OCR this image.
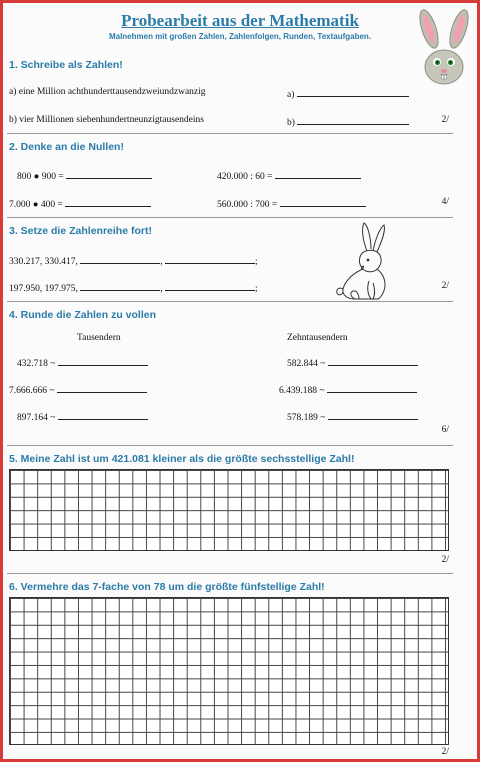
Probearbeit aus der Mathematik
Malnehmen mit großen Zahlen, Zahlenfolgen, Runden, Textaufgaben.
1. Schreibe als Zahlen!
a) eine Million achthunderttausendzweiundzwanzig	a)
b) vier Millionen siebenhundertneunzigtausendeins	b)	2/
2. Denke an die Nullen!
800 ● 900 =	420.000 : 60 =
7.000 ● 400 =	560.000 : 700 =	4/
3. Setze die Zahlenreihe fort!
330.217, 330.417,	,	;
197.950, 197.975,	,	;	2/
4. Runde die Zahlen zu vollen
Tausendern	Zehntausendern
432.718 ~	582.844 ~
7.666.666 ~	6.439.188 ~
897.164 ~	578.189 ~
6/
5. Meine Zahl ist um 421.081 kleiner als die größte sechsstellige Zahl!
2/
6. Vermehre das 7-fache von 78 um die größte fünfstellige Zahl!
2/
